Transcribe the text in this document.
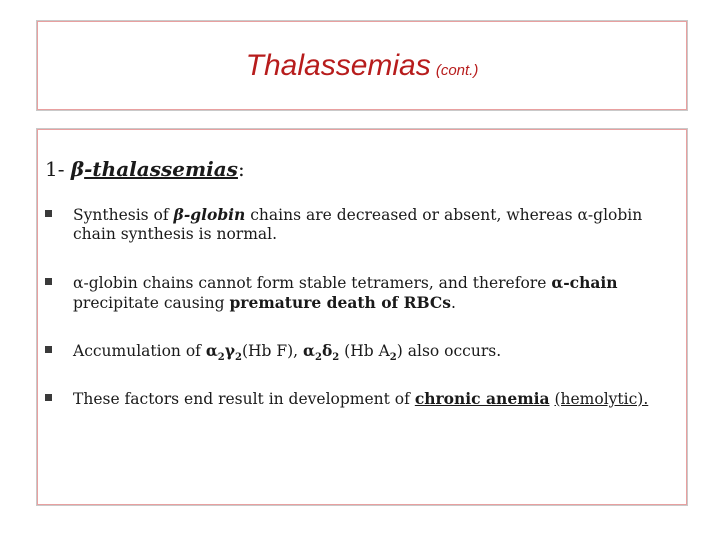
Thalassemias (cont.)
1- β-thalassemias:
Synthesis of β-globin chains are decreased or absent, whereas α-globin chain synthesis is normal.
α-globin chains cannot form stable tetramers, and therefore α-chain precipitate causing premature death of RBCs.
Accumulation of $\alpha_2\gamma_2(Hb$ F), $\alpha_2\delta_2$ (Hb $A_2$) also occurs.
These factors end result in development of chronic anemia (hemolytic).
